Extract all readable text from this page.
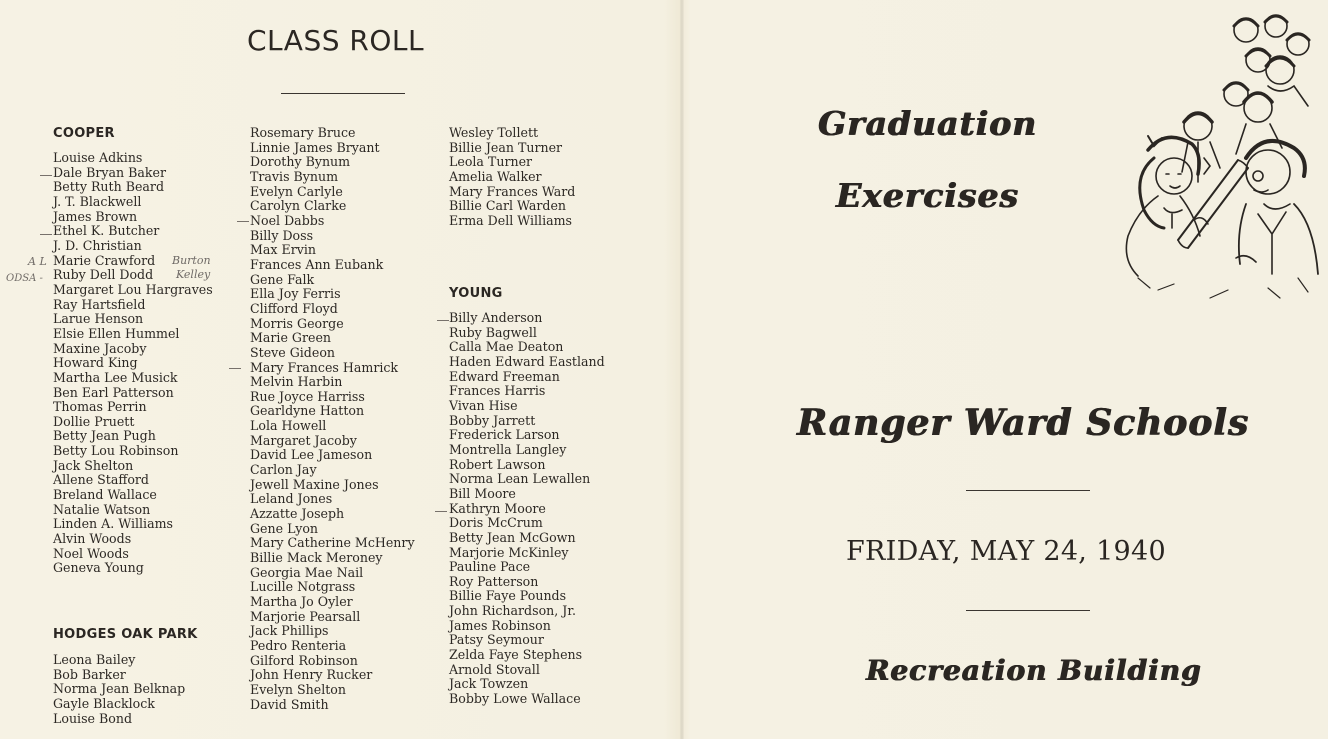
CLASS ROLL
COOPER
Louise Adkins
Dale Bryan Baker
Betty Ruth Beard
J. T. Blackwell
James Brown
Ethel K. Butcher
J. D. Christian
Marie Crawford
Ruby Dell Dodd
Margaret Lou Hargraves
Ray Hartsfield
Larue Henson
Elsie Ellen Hummel
Maxine Jacoby
Howard King
Martha Lee Musick
Ben Earl Patterson
Thomas Perrin
Dollie Pruett
Betty Jean Pugh
Betty Lou Robinson
Jack Shelton
Allene Stafford
Breland Wallace
Natalie Watson
Linden A. Williams
Alvin Woods
Noel Woods
Geneva Young
HODGES OAK PARK
Leona Bailey
Bob Barker
Norma Jean Belknap
Gayle Blacklock
Louise Bond
Rosemary Bruce
Linnie James Bryant
Dorothy Bynum
Travis Bynum
Evelyn Carlyle
Carolyn Clarke
Noel Dabbs
Billy Doss
Max Ervin
Frances Ann Eubank
Gene Falk
Ella Joy Ferris
Clifford Floyd
Morris George
Marie Green
Steve Gideon
Mary Frances Hamrick
Melvin Harbin
Rue Joyce Harriss
Gearldyne Hatton
Lola Howell
Margaret Jacoby
David Lee Jameson
Carlon Jay
Jewell Maxine Jones
Leland Jones
Azzatte Joseph
Gene Lyon
Mary Catherine McHenry
Billie Mack Meroney
Georgia Mae Nail
Lucille Notgrass
Martha Jo Oyler
Marjorie Pearsall
Jack Phillips
Pedro Renteria
Gilford Robinson
John Henry Rucker
Evelyn Shelton
David Smith
Wesley Tollett
Billie Jean Turner
Leola Turner
Amelia Walker
Mary Frances Ward
Billie Carl Warden
Erma Dell Williams
YOUNG
Billy Anderson
Ruby Bagwell
Calla Mae Deaton
Haden Edward Eastland
Edward Freeman
Frances Harris
Vivan Hise
Bobby Jarrett
Frederick Larson
Montrella Langley
Robert Lawson
Norma Lean Lewallen
Bill Moore
Kathryn Moore
Doris McCrum
Betty Jean McGown
Marjorie McKinley
Pauline Pace
Roy Patterson
Billie Faye Pounds
John Richardson, Jr.
James Robinson
Patsy Seymour
Zelda Faye Stephens
Arnold Stovall
Jack Towzen
Bobby Lowe Wallace
A L
ODSA -
Burton
Kelley
Graduation
Exercises
Ranger Ward Schools

FRIDAY, MAY 24, 1940

Recreation Building
